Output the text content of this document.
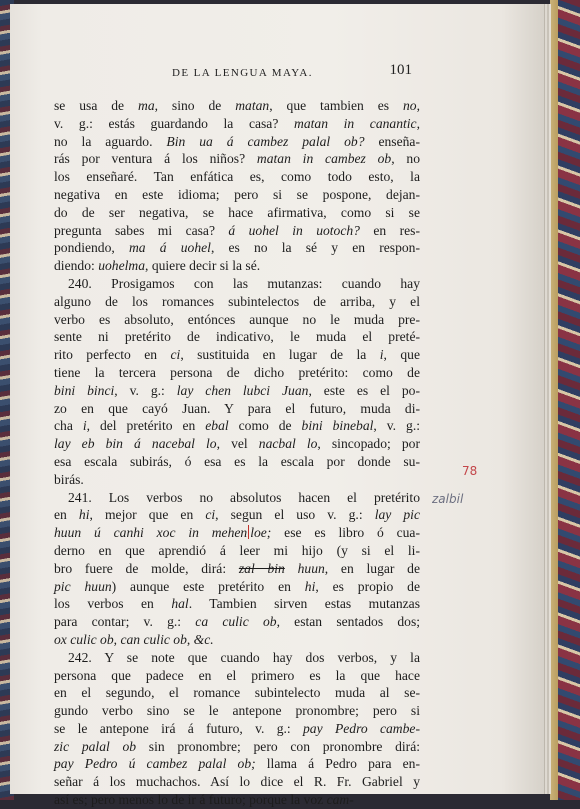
DE LA LENGUA MAYA.	101
se usa de ma, sino de matan, que tambien es no,
v. g.: estás guardando la casa? matan in canantic,
no la aguardo. Bin ua á cambez palal ob? enseña-
rás por ventura á los niños? matan in cambez ob, no
los enseñaré. Tan enfática es, como todo esto, la
negativa en este idioma; pero si se pospone, dejan-
do de ser negativa, se hace afirmativa, como si se
pregunta sabes mi casa? á uohel in uotoch? en res-
pondiendo, ma á uohel, es no la sé y en respon-
diendo: uohelma, quiere decir si la sé.
240. Prosigamos con las mutanzas: cuando hay
alguno de los romances subintelectos de arriba, y el
verbo es absoluto, entónces aunque no le muda pre-
sente ni pretérito de indicativo, le muda el preté-
rito perfecto en ci, sustituida en lugar de la i, que
tiene la tercera persona de dicho pretérito: como de
bini binci, v. g.: lay chen lubci Juan, este es el po-
zo en que cayó Juan. Y para el futuro, muda di-
cha i, del pretérito en ebal como de bini binebal, v. g.:
lay eb bin á nacebal lo, vel nacbal lo, sincopado; por
esa escala subirás, ó esa es la escala por donde su-
birás.
241. Los verbos no absolutos hacen el pretérito
en hi, mejor que en ci, segun el uso v. g.: lay pic
huun ú canhi xoc in mehen loe; ese es libro ó cua-
derno en que aprendió á leer mi hijo (y si el li-
bro fuere de molde, dirá: zal bin huun, en lugar de
pic huun) aunque este pretérito en hi, es propio de
los verbos en hal. Tambien sirven estas mutanzas
para contar; v. g.: ca culic ob, estan sentados dos;
ox culic ob, can culic ob, &c.
242. Y se note que cuando hay dos verbos, y la
persona que padece en el primero es la que hace
en el segundo, el romance subintelecto muda al se-
gundo verbo sino se le antepone pronombre; pero si
se le antepone irá á futuro, v. g.: pay Pedro cambe-
zic palal ob sin pronombre; pero con pronombre dirá:
pay Pedro ú cambez palal ob; llama á Pedro para en-
señar á los muchachos. Así lo dice el R. Fr. Gabriel y
así es; pero menos lo de ir á futuro; porque la voz cam-
78
zalbil
